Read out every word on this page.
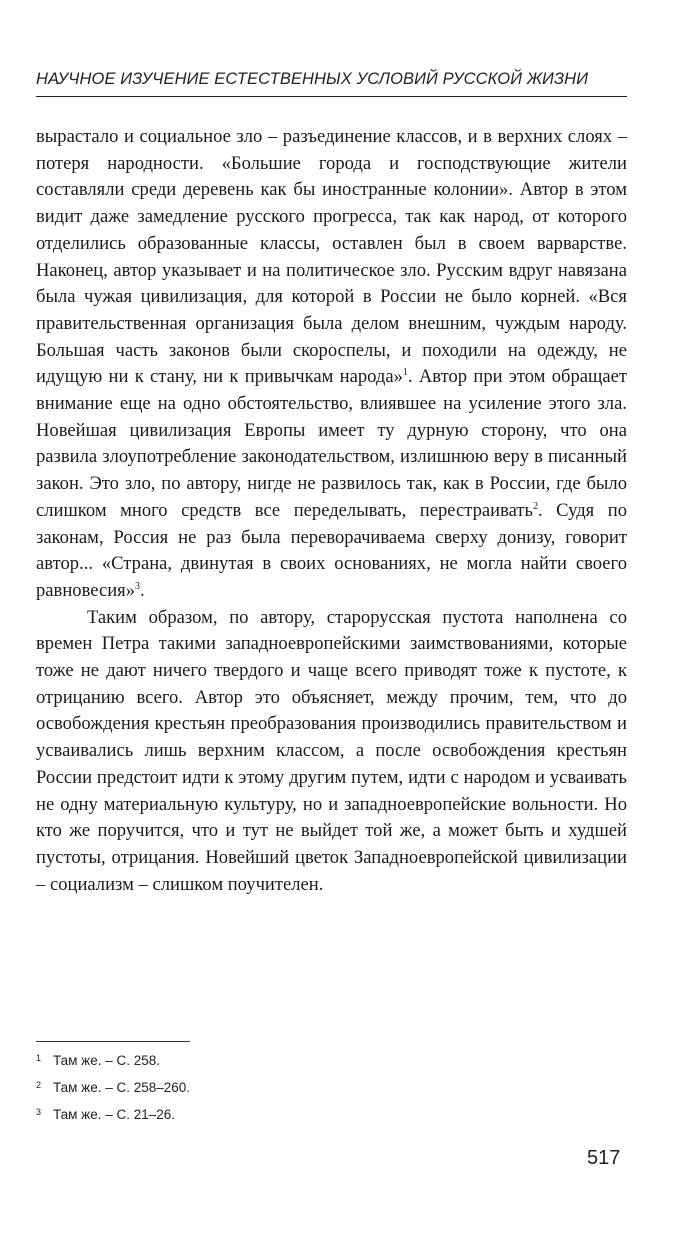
НАУЧНОЕ ИЗУЧЕНИЕ ЕСТЕСТВЕННЫХ УСЛОВИЙ РУССКОЙ ЖИЗНИ

вырастало и социальное зло – разъединение классов, и в верхних слоях – потеря народности. «Большие города и господствующие жители составляли среди деревень как бы иностранные колонии». Автор в этом видит даже замедление русского прогресса, так как народ, от которого отделились образованные классы, оставлен был в своем варварстве. Наконец, автор указывает и на политическое зло. Русским вдруг навязана была чужая цивилизация, для которой в России не было корней. «Вся правительственная организация была делом внешним, чуждым народу. Большая часть законов были скороспелы, и походили на одежду, не идущую ни к стану, ни к привычкам народа»$^1$. Автор при этом обращает внимание еще на одно обстоятельство, влиявшее на усиление этого зла. Новейшая цивилизация Европы имеет ту дурную сторону, что она развила злоупотребление законодательством, излишнюю веру в писанный закон. Это зло, по автору, нигде не развилось так, как в России, где было слишком много средств все переделывать, перестраивать$^2$. Судя по законам, Россия не раз была переворачиваема сверху донизу, говорит автор... «Страна, двинутая в своих основаниях, не могла найти своего равновесия»$^3$.

Таким образом, по автору, старорусская пустота наполнена со времен Петра такими западноевропейскими заимствованиями, которые тоже не дают ничего твердого и чаще всего приводят тоже к пустоте, к отрицанию всего. Автор это объясняет, между прочим, тем, что до освобождения крестьян преобразования производились правительством и усваивались лишь верхним классом, а после освобождения крестьян России предстоит идти к этому другим путем, идти с народом и усваивать не одну материальную культуру, но и западноевропейские вольности. Но кто же поручится, что и тут не выйдет той же, а может быть и худшей пустоты, отрицания. Новейший цветок Западноевропейской цивилизации – социализм – слишком поучителен.

1 Там же. – С. 258.
2 Там же. – С. 258–260.
3 Там же. – С. 21–26.
517
